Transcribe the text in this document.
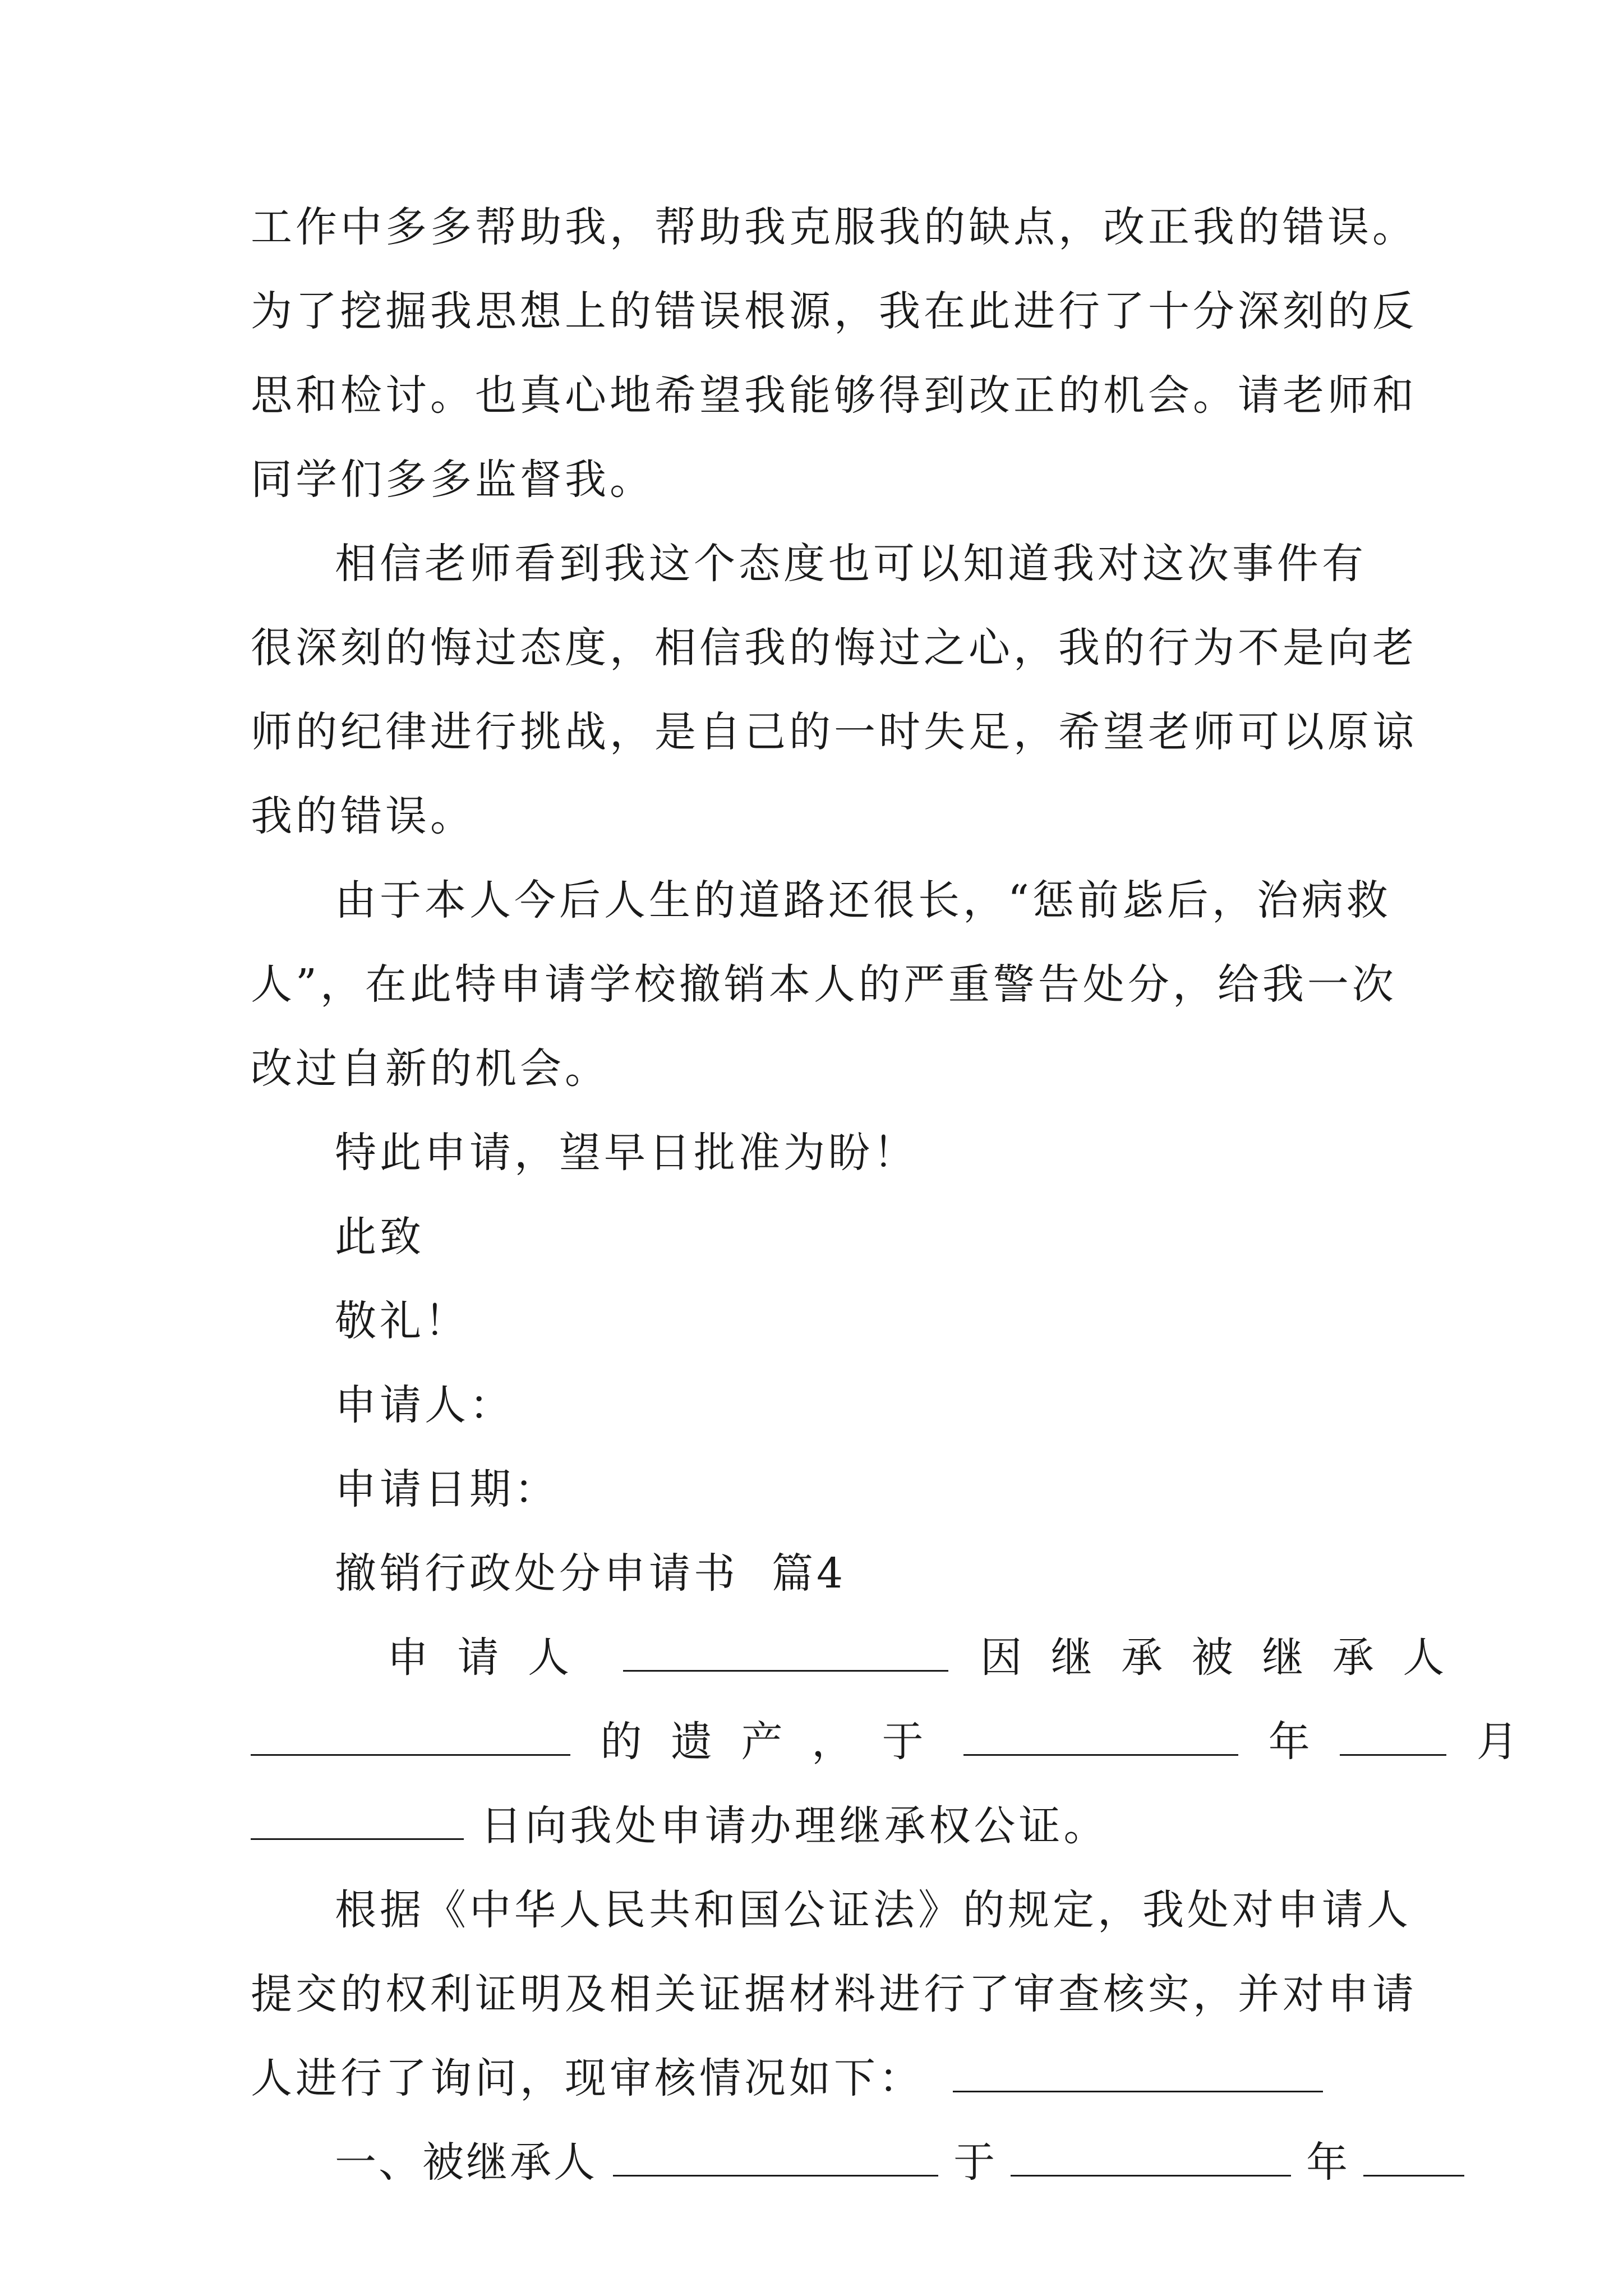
工作中多多帮助我，帮助我克服我的缺点，改正我的错误。
为了挖掘我思想上的错误根源，我在此进行了十分深刻的反
思和检讨。也真心地希望我能够得到改正的机会。请老师和
同学们多多监督我。
相信老师看到我这个态度也可以知道我对这次事件有
很深刻的悔过态度，相信我的悔过之心，我的行为不是向老
师的纪律进行挑战，是自己的一时失足，希望老师可以原谅
我的错误。
由于本人今后人生的道路还很长，“惩前毖后，治病救
人”，在此特申请学校撤销本人的严重警告处分，给我一次
改过自新的机会。
特此申请，望早日批准为盼！
此致
敬礼！
申请人：
申请日期：
撤销行政处分申请书  篇4
申 请 人	因 继 承 被 继 承 人
的 遗 产 ， 于	年	月
日向我处申请办理继承权公证。
根据《中华人民共和国公证法》的规定，我处对申请人
提交的权利证明及相关证据材料进行了审查核实，并对申请
人进行了询问，现审核情况如下：
一、被继承人	于	年
